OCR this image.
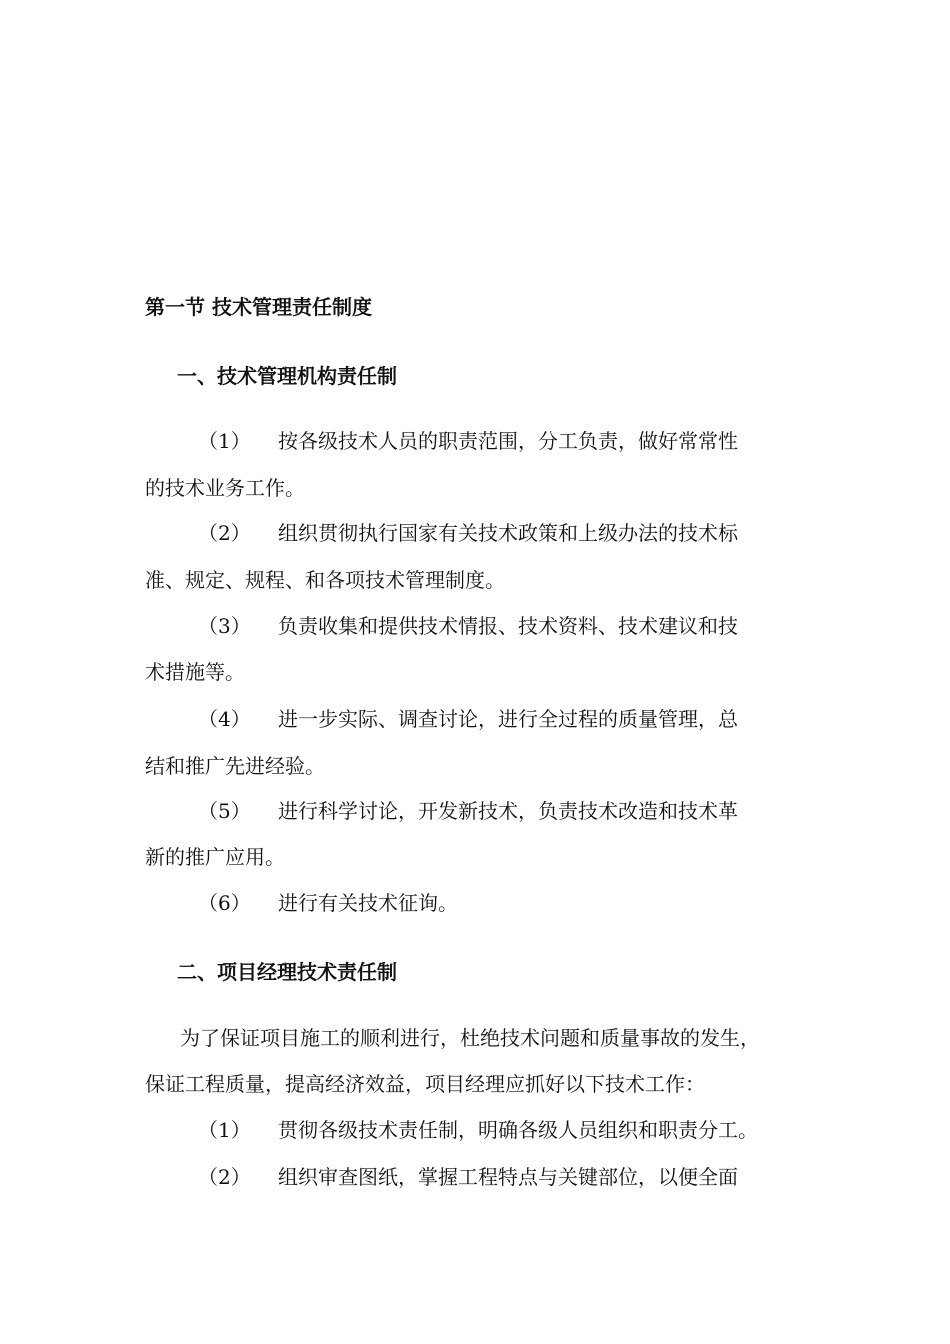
第一节 技术管理责任制度
一、技术管理机构责任制
（1） 按各级技术人员的职责范围，分工负责，做好常常性
的技术业务工作。
（2） 组织贯彻执行国家有关技术政策和上级办法的技术标
准、规定、规程、和各项技术管理制度。
（3） 负责收集和提供技术情报、技术资料、技术建议和技
术措施等。
（4） 进一步实际、调查讨论，进行全过程的质量管理，总
结和推广先进经验。
（5） 进行科学讨论，开发新技术，负责技术改造和技术革
新的推广应用。
（6） 进行有关技术征询。
二、项目经理技术责任制
为了保证项目施工的顺利进行，杜绝技术问题和质量事故的发生，
保证工程质量，提高经济效益，项目经理应抓好以下技术工作：
（1） 贯彻各级技术责任制，明确各级人员组织和职责分工。
（2） 组织审查图纸，掌握工程特点与关键部位，以便全面
